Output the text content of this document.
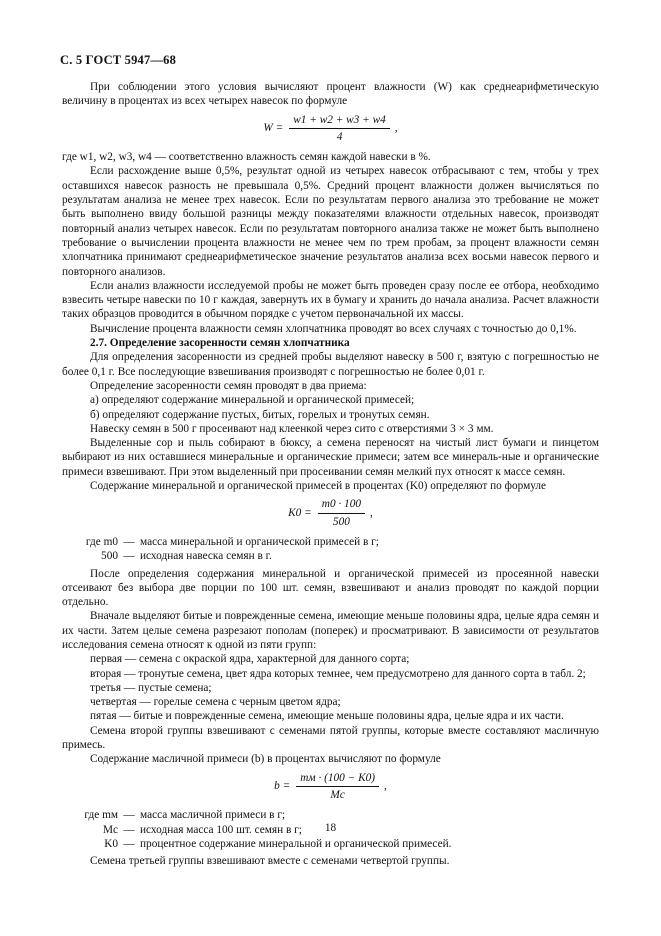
С. 5 ГОСТ 5947—68

При соблюдении этого условия вычисляют процент влажности (W) как среднеарифметическую величину в процентах из всех четырех навесок по формуле

$W = \frac{w1 + w2 + w3 + w4}{4}$ ,

где w1, w2, w3, w4 — соответственно влажность семян каждой навески в %.

Если расхождение выше 0,5%, результат одной из четырех навесок отбрасывают с тем, чтобы у трех оставшихся навесок разность не превышала 0,5%. Средний процент влажности должен вычисляться по результатам анализа не менее трех навесок. Если по результатам первого анализа это требование не может быть выполнено ввиду большой разницы между показателями влажности отдельных навесок, производят повторный анализ четырех навесок. Если по результатам повторного анализа также не может быть выполнено требование о вычислении процента влажности не менее чем по трем пробам, за процент влажности семян хлопчатника принимают среднеарифметическое значение результатов анализа всех восьми навесок первого и повторного анализов.

Если анализ влажности исследуемой пробы не может быть проведен сразу после ее отбора, необходимо взвесить четыре навески по 10 г каждая, завернуть их в бумагу и хранить до начала анализа. Расчет влажности таких образцов проводится в обычном порядке с учетом первоначальной их массы.

Вычисление процента влажности семян хлопчатника проводят во всех случаях с точностью до 0,1%.

2.7. Определение засоренности семян хлопчатника

Для определения засоренности из средней пробы выделяют навеску в 500 г, взятую с погрешностью не более 0,1 г. Все последующие взвешивания производят с погрешностью не более 0,01 г.

Определение засоренности семян проводят в два приема:

а) определяют содержание минеральной и органической примесей;

б) определяют содержание пустых, битых, горелых и тронутых семян.

Навеску семян в 500 г просеивают над клеенкой через сито с отверстиями 3 × 3 мм.

Выделенные сор и пыль собирают в бюксу, а семена переносят на чистый лист бумаги и пинцетом выбирают из них оставшиеся минеральные и органические примеси; затем все минераль-ные и органические примеси взвешивают. При этом выделенный при просеивании семян мелкий пух относят к массе семян.

Содержание минеральной и органической примесей в процентах (K0) определяют по формуле

$K0 = \frac{m0 \cdot 100}{500}$ ,
где m0 — масса минеральной и органической примесей в г;
500 — исходная навеска семян в г.

После определения содержания минеральной и органической примесей из просеянной навески отсеивают без выбора две порции по 100 шт. семян, взвешивают и анализ проводят по каждой порции отдельно.

Вначале выделяют битые и поврежденные семена, имеющие меньше половины ядра, целые ядра семян и их части. Затем целые семена разрезают пополам (поперек) и просматривают. В зависимости от результатов исследования семена относят к одной из пяти групп:

первая — семена с окраской ядра, характерной для данного сорта;

вторая — тронутые семена, цвет ядра которых темнее, чем предусмотрено для данного сорта в табл. 2;

третья — пустые семена;

четвертая — горелые семена с черным цветом ядра;

пятая — битые и поврежденные семена, имеющие меньше половины ядра, целые ядра и их части.

Семена второй группы взвешивают с семенами пятой группы, которые вместе составляют масличную примесь.

Содержание масличной примеси (b) в процентах вычисляют по формуле

$b = \frac{mм \cdot (100 - K0)}{Mс}$ ,
где mм — масса масличной примеси в г;
Mс — исходная масса 100 шт. семян в г;
K0 — процентное содержание минеральной и органической примесей.

Семена третьей группы взвешивают вместе с семенами четвертой группы.

18
